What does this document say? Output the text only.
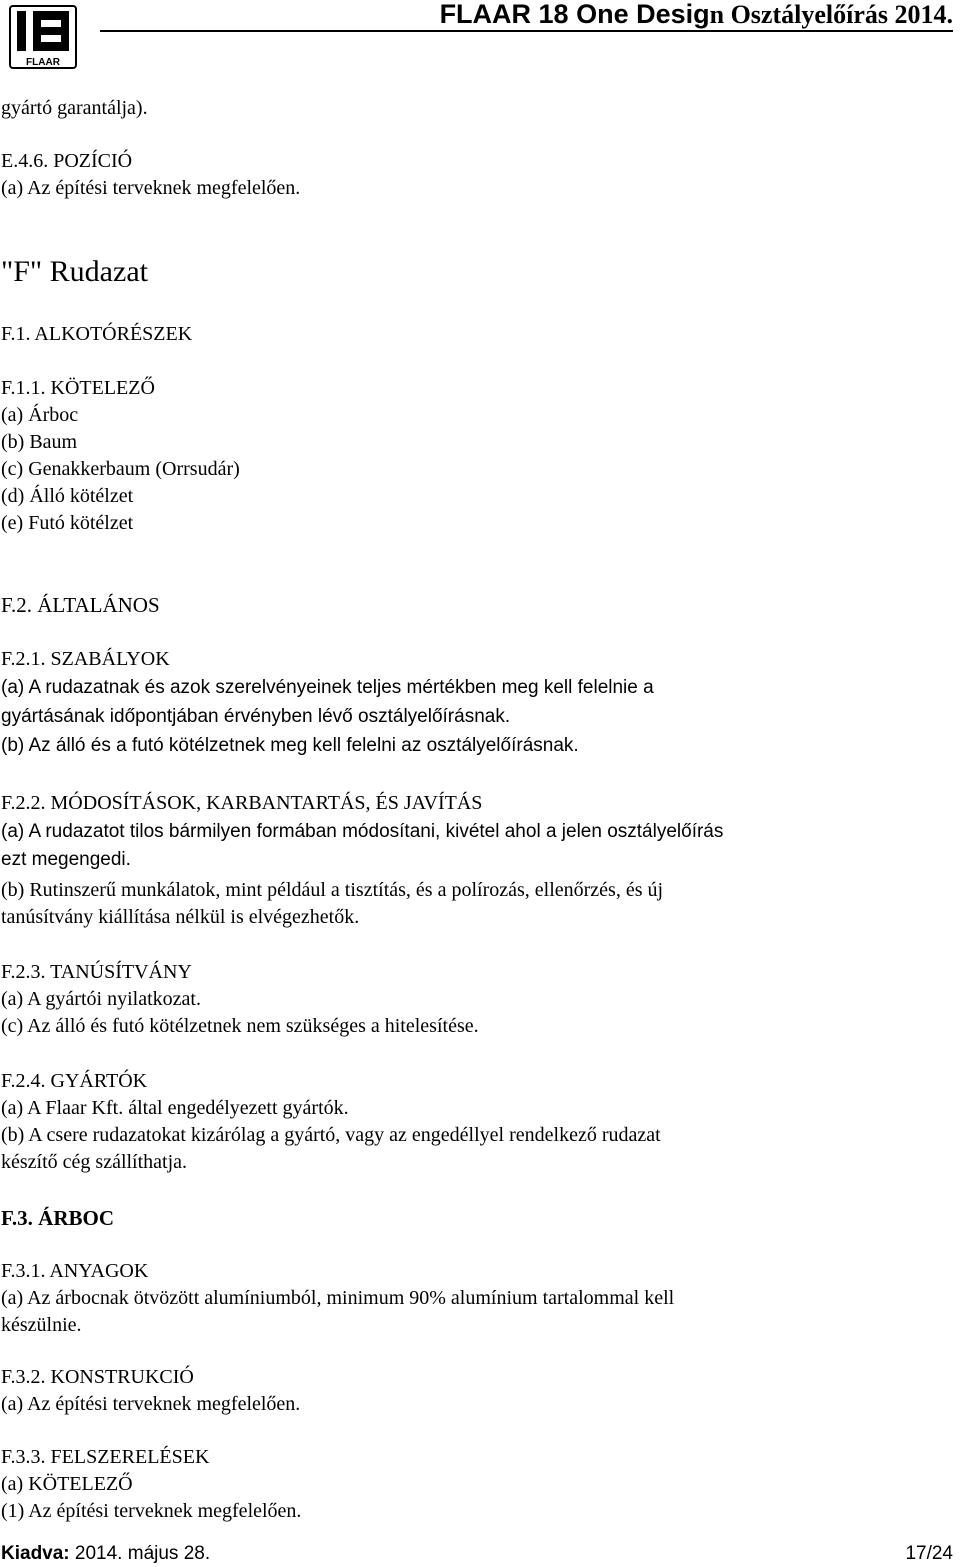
FLAAR
FLAAR 18 One Design Osztályelőírás 2014.
gyártó garantálja).
E.4.6. POZÍCIÓ
(a) Az építési terveknek megfelelően.
"F" Rudazat
F.1. ALKOTÓRÉSZEK
F.1.1. KÖTELEZŐ
(a) Árboc
(b) Baum
(c) Genakkerbaum (Orrsudár)
(d) Álló kötélzet
(e) Futó kötélzet
F.2. ÁLTALÁNOS
F.2.1. SZABÁLYOK
(a) A rudazatnak és azok szerelvényeinek teljes mértékben meg kell felelnie a
gyártásának időpontjában érvényben lévő osztályelőírásnak.
(b) Az álló és a futó kötélzetnek meg kell felelni az osztályelőírásnak.
F.2.2. MÓDOSÍTÁSOK, KARBANTARTÁS, ÉS JAVÍTÁS
(a) A rudazatot tilos bármilyen formában módosítani, kivétel ahol a jelen osztályelőírás
ezt megengedi.
(b) Rutinszerű munkálatok, mint például a tisztítás, és a polírozás, ellenőrzés, és új
tanúsítvány kiállítása nélkül is elvégezhetők.
F.2.3. TANÚSÍTVÁNY
(a) A gyártói nyilatkozat.
(c) Az álló és futó kötélzetnek nem szükséges a hitelesítése.
F.2.4. GYÁRTÓK
(a) A Flaar Kft. által engedélyezett gyártók.
(b) A csere rudazatokat kizárólag a gyártó, vagy az engedéllyel rendelkező rudazat
készítő cég szállíthatja.
F.3. ÁRBOC
F.3.1. ANYAGOK
(a) Az árbocnak ötvözött alumíniumból, minimum 90% alumínium tartalommal kell
készülnie.
F.3.2. KONSTRUKCIÓ
(a) Az építési terveknek megfelelően.
F.3.3. FELSZERELÉSEK
(a) KÖTELEZŐ
(1) Az építési terveknek megfelelően.
Kiadva: 2014. május 28.	17/24
